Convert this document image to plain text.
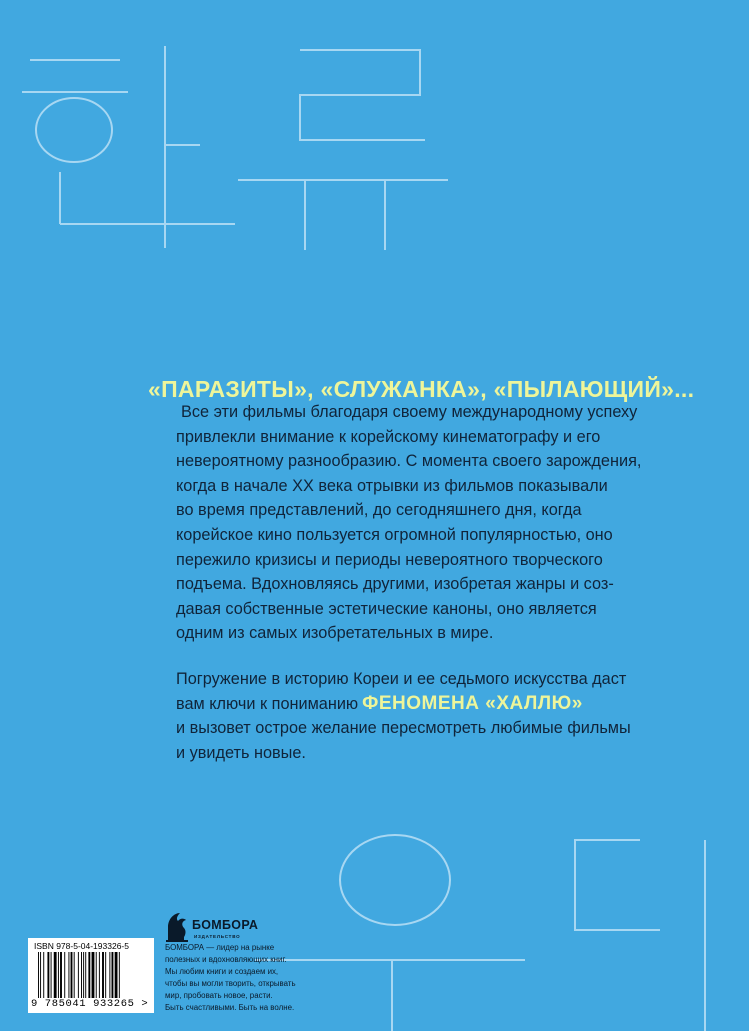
«ПАРАЗИТЫ», «СЛУЖАНКА», «ПЫЛАЮЩИЙ»...

Все эти фильмы благодаря своему международному успеху
привлекли внимание к корейскому кинематографу и его
невероятному разнообразию. С момента своего зарождения,
когда в начале XX века отрывки из фильмов показывали
во время представлений, до сегодняшнего дня, когда
корейское кино пользуется огромной популярностью, оно
пережило кризисы и периоды невероятного творческого
подъема. Вдохновляясь другими, изобретая жанры и соз-
давая собственные эстетические каноны, оно является
одним из самых изобретательных в мире.

Погружение в историю Кореи и ее седьмого искусства даст
вам ключи к пониманию ФЕНОМЕНА «ХАЛЛЮ»
и вызовет острое желание пересмотреть любимые фильмы
и увидеть новые.

ISBN 978-5-04-193326-5
9 785041 933265 >
БОМБОРА
ИЗДАТЕЛЬСТВО

БОМБОРА — лидер на рынке
полезных и вдохновляющих книг.
Мы любим книги и создаем их,
чтобы вы могли творить, открывать
мир, пробовать новое, расти.
Быть счастливыми. Быть на волне.
